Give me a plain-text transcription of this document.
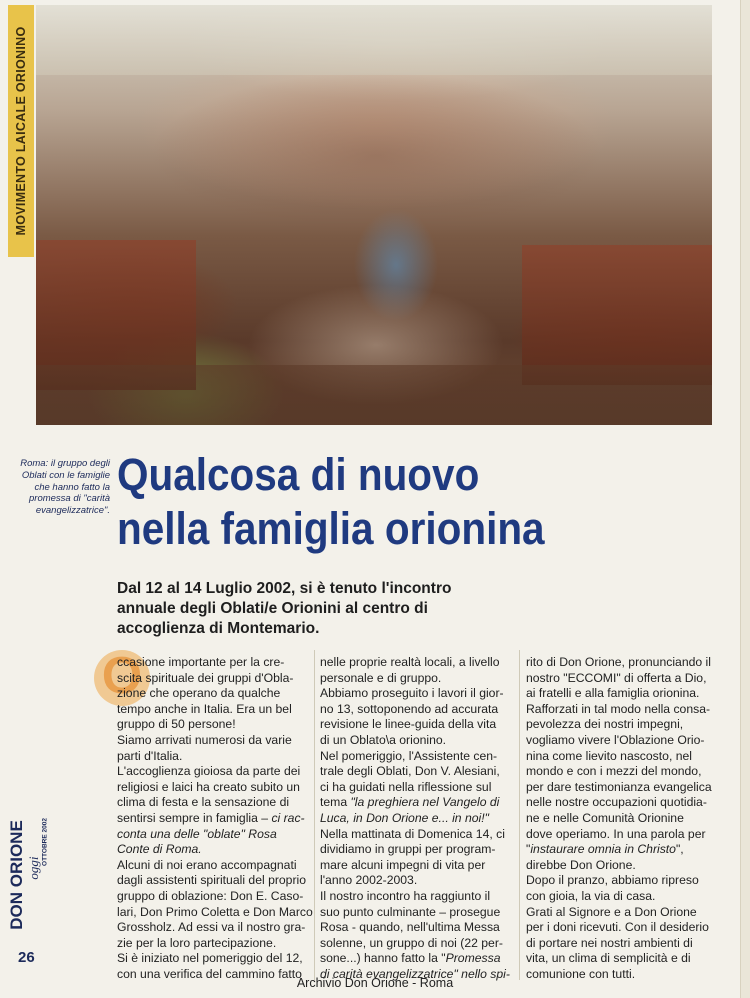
MOVIMENTO LAICALE ORIONINO
Roma: il gruppo degli
Oblati con le famiglie
che hanno fatto la
promessa di "carità
evangelizzatrice".
Qualcosa di nuovo
nella famiglia orionina
Dal 12 al 14 Luglio 2002, si è tenuto l'incontro
annuale degli Oblati/e Orionini al centro di
accoglienza di Montemario.
O
ccasione importante per la cre-
scita spirituale dei gruppi d'Obla-
zione che operano da qualche
tempo anche in Italia. Era un bel
gruppo di 50 persone!
Siamo arrivati numerosi da varie
parti d'Italia.
L'accoglienza gioiosa da parte dei
religiosi e laici ha creato subito un
clima di festa e la sensazione di
sentirsi sempre in famiglia – ci rac-
conta una delle "oblate" Rosa
Conte di Roma.
Alcuni di noi erano accompagnati
dagli assistenti spirituali del proprio
gruppo di oblazione: Don E. Caso-
lari, Don Primo Coletta e Don Marco
Grossholz. Ad essi va il nostro gra-
zie per la loro partecipazione.
Si è iniziato nel pomeriggio del 12,
con una verifica del cammino fatto
nelle proprie realtà locali, a livello
personale e di gruppo.
Abbiamo proseguito i lavori il gior-
no 13, sottoponendo ad accurata
revisione le linee-guida della vita
di un Oblato\a orionino.
Nel pomeriggio, l'Assistente cen-
trale degli Oblati, Don V. Alesiani,
ci ha guidati nella riflessione sul
tema "la preghiera nel Vangelo di
Luca, in Don Orione e... in noi!"
Nella mattinata di Domenica 14, ci
dividiamo in gruppi per program-
mare alcuni impegni di vita per
l'anno 2002-2003.
Il nostro incontro ha raggiunto il
suo punto culminante – prosegue
Rosa - quando, nell'ultima Messa
solenne, un gruppo di noi (22 per-
sone...) hanno fatto la "Promessa
di carità evangelizzatrice" nello spi-
rito di Don Orione, pronunciando il
nostro "ECCOMI" di offerta a Dio,
ai fratelli e alla famiglia orionina.
Rafforzati in tal modo nella consa-
pevolezza dei nostri impegni,
vogliamo vivere l'Oblazione Orio-
nina come lievito nascosto, nel
mondo e con i mezzi del mondo,
per dare testimonianza evangelica
nelle nostre occupazioni quotidia-
ne e nelle Comunità Orionine
dove operiamo. In una parola per
"instaurare omnia in Christo",
direbbe Don Orione.
Dopo il pranzo, abbiamo ripreso
con gioia, la via di casa.
Grati al Signore e a Don Orione
per i doni ricevuti. Con il desiderio
di portare nei nostri ambienti di
vita, un clima di semplicità e di
comunione con tutti.
DON ORIONE oggi
OTTOBRE 2002
26
Archivio Don Orione - Roma
